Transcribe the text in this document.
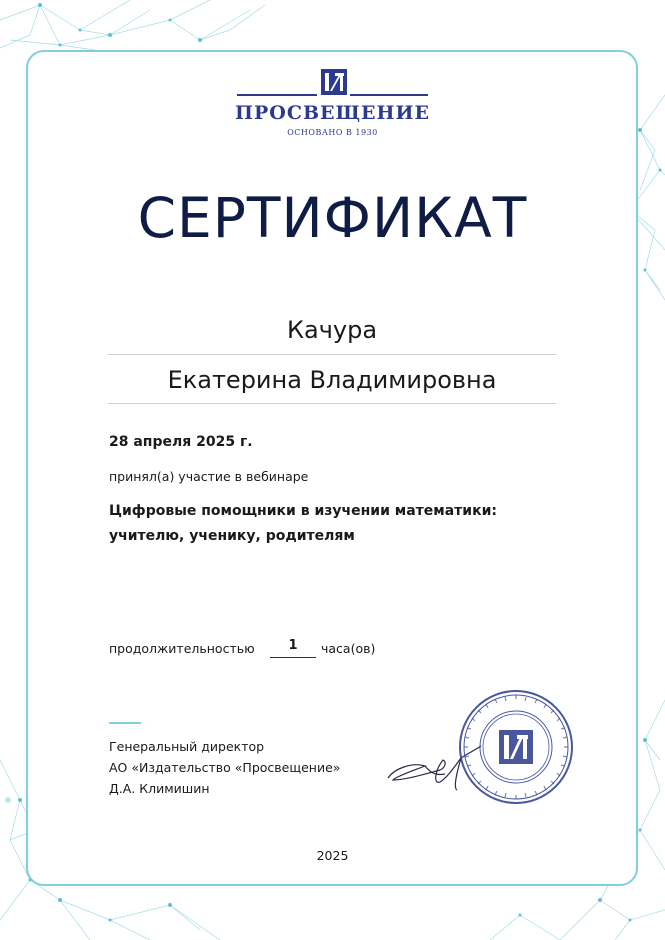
ПРОСВЕЩЕНИЕ
ОСНОВАНО В 1930
СЕРТИФИКАТ
Качура
Екатерина Владимировна
28 апреля 2025 г.
принял(а) участие в вебинаре
Цифровые помощники в изучении математики:
учителю, ученику, родителям
продолжительностью	1	часа(ов)
Генеральный директор
АО «Издательство «Просвещение»
Д.А. Климишин
2025
